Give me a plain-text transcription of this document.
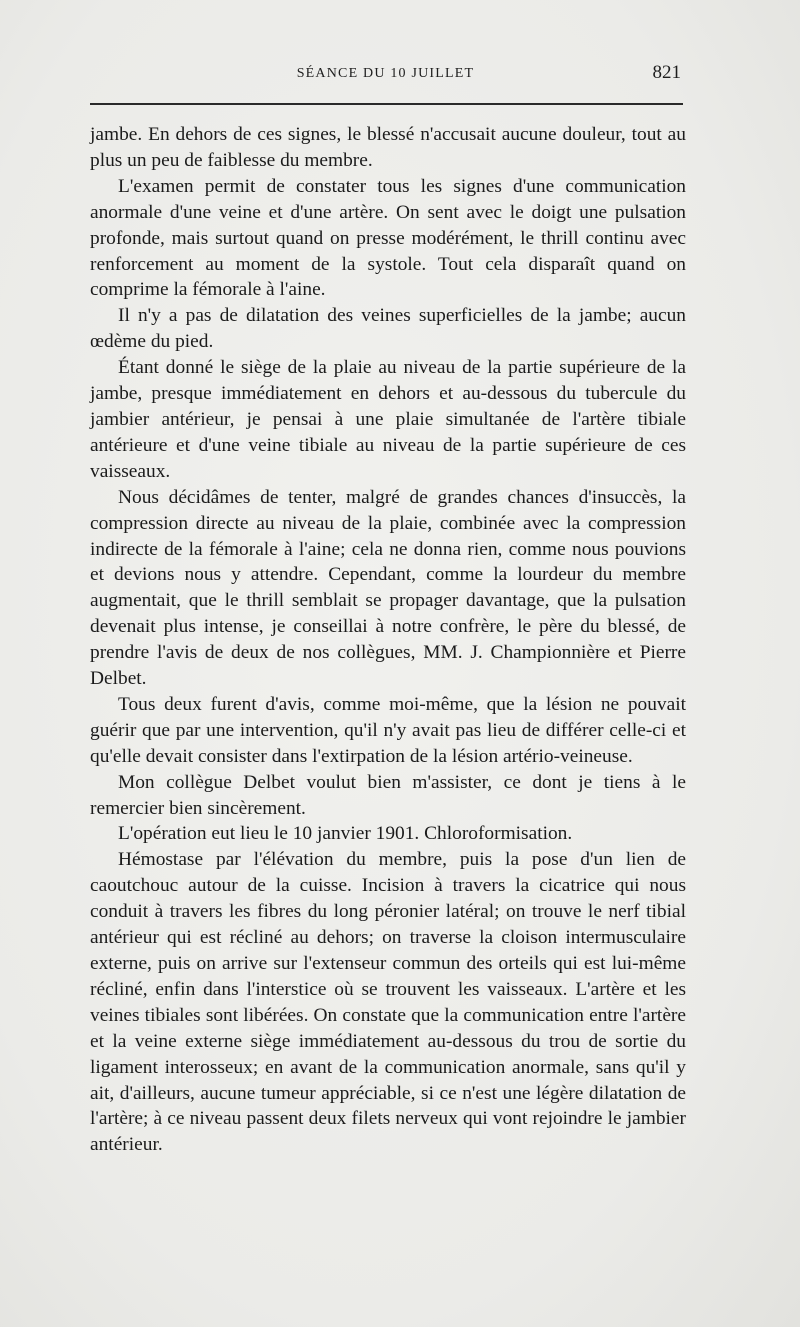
SÉANCE DU 10 JUILLET	821

jambe. En dehors de ces signes, le blessé n'accusait aucune douleur, tout au plus un peu de faiblesse du membre.

L'examen permit de constater tous les signes d'une communication anormale d'une veine et d'une artère. On sent avec le doigt une pulsation profonde, mais surtout quand on presse modérément, le thrill continu avec renforcement au moment de la systole. Tout cela disparaît quand on comprime la fémorale à l'aine.

Il n'y a pas de dilatation des veines superficielles de la jambe; aucun œdème du pied.

Étant donné le siège de la plaie au niveau de la partie supérieure de la jambe, presque immédiatement en dehors et au-dessous du tubercule du jambier antérieur, je pensai à une plaie simultanée de l'artère tibiale antérieure et d'une veine tibiale au niveau de la partie supérieure de ces vaisseaux.

Nous décidâmes de tenter, malgré de grandes chances d'insuccès, la compression directe au niveau de la plaie, combinée avec la compression indirecte de la fémorale à l'aine; cela ne donna rien, comme nous pouvions et devions nous y attendre. Cependant, comme la lourdeur du membre augmentait, que le thrill semblait se propager davantage, que la pulsation devenait plus intense, je conseillai à notre confrère, le père du blessé, de prendre l'avis de deux de nos collègues, MM. J. Championnière et Pierre Delbet.

Tous deux furent d'avis, comme moi-même, que la lésion ne pouvait guérir que par une intervention, qu'il n'y avait pas lieu de différer celle-ci et qu'elle devait consister dans l'extirpation de la lésion artério-veineuse.

Mon collègue Delbet voulut bien m'assister, ce dont je tiens à le remercier bien sincèrement.

L'opération eut lieu le 10 janvier 1901. Chloroformisation.

Hémostase par l'élévation du membre, puis la pose d'un lien de caoutchouc autour de la cuisse. Incision à travers la cicatrice qui nous conduit à travers les fibres du long péronier latéral; on trouve le nerf tibial antérieur qui est récliné au dehors; on traverse la cloison intermusculaire externe, puis on arrive sur l'extenseur commun des orteils qui est lui-même récliné, enfin dans l'interstice où se trouvent les vaisseaux. L'artère et les veines tibiales sont libérées. On constate que la communication entre l'artère et la veine externe siège immédiatement au-dessous du trou de sortie du ligament interosseux; en avant de la communication anormale, sans qu'il y ait, d'ailleurs, aucune tumeur appréciable, si ce n'est une légère dilatation de l'artère; à ce niveau passent deux filets nerveux qui vont rejoindre le jambier antérieur.
